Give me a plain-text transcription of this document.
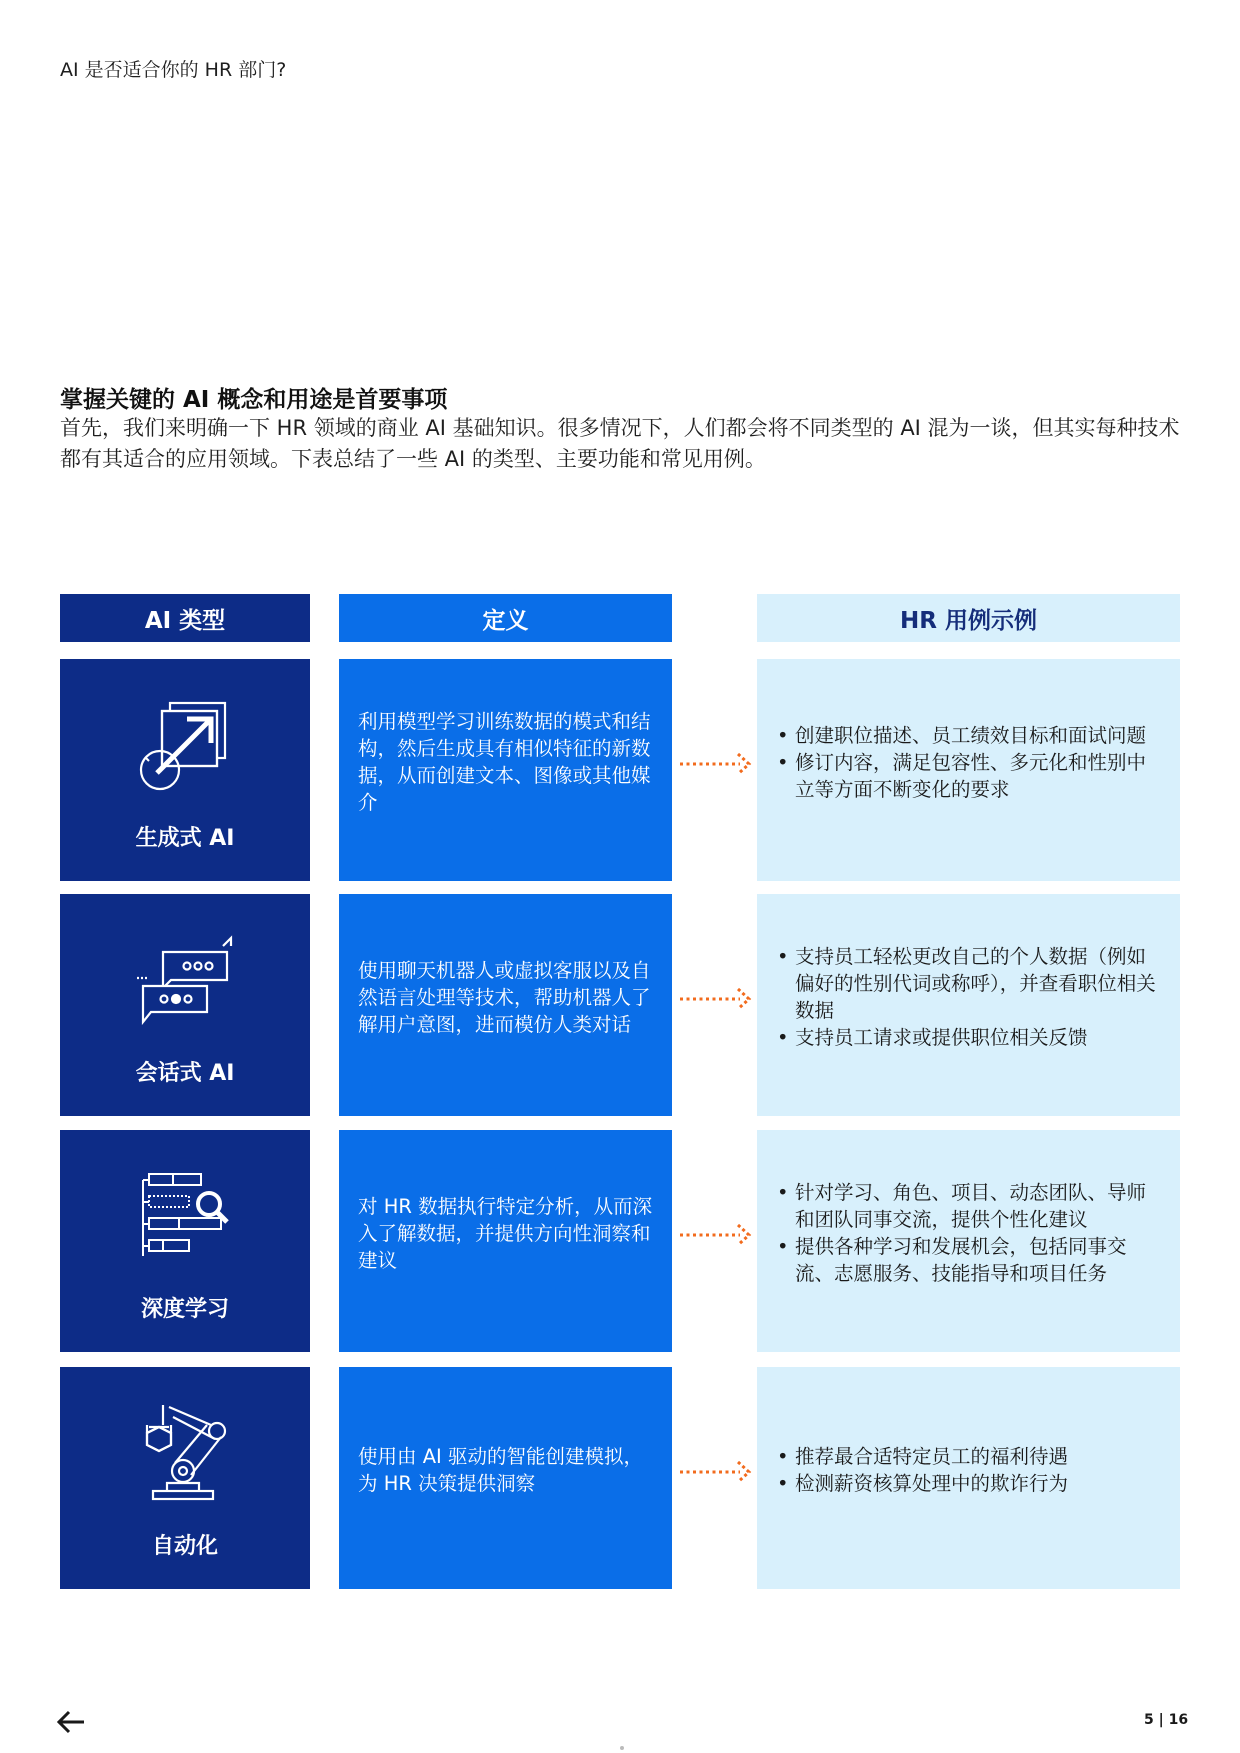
AI 是否适合你的 HR 部门?
掌握关键的 AI 概念和用途是首要事项
首先，我们来明确一下 HR 领域的商业 AI 基础知识。很多情况下，人们都会将不同类型的 AI 混为一谈，但其实每种技术都有其适合的应用领域。下表总结了一些 AI 的类型、主要功能和常见用例。
AI 类型	定义	HR 用例示例
生成式 AI
利用模型学习训练数据的模式和结构，然后生成具有相似特征的新数据，从而创建文本、图像或其他媒介
• 创建职位描述、员工绩效目标和面试问题
• 修订内容，满足包容性、多元化和性别中立等方面不断变化的要求
会话式 AI
使用聊天机器人或虚拟客服以及自然语言处理等技术，帮助机器人了解用户意图，进而模仿人类对话
• 支持员工轻松更改自己的个人数据（例如偏好的性别代词或称呼），并查看职位相关数据
• 支持员工请求或提供职位相关反馈
深度学习
对 HR 数据执行特定分析，从而深入了解数据，并提供方向性洞察和建议
• 针对学习、角色、项目、动态团队、导师和团队同事交流，提供个性化建议
• 提供各种学习和发展机会，包括同事交流、志愿服务、技能指导和项目任务
自动化
使用由 AI 驱动的智能创建模拟，为 HR 决策提供洞察
• 推荐最合适特定员工的福利待遇
• 检测薪资核算处理中的欺诈行为
5 | 16
